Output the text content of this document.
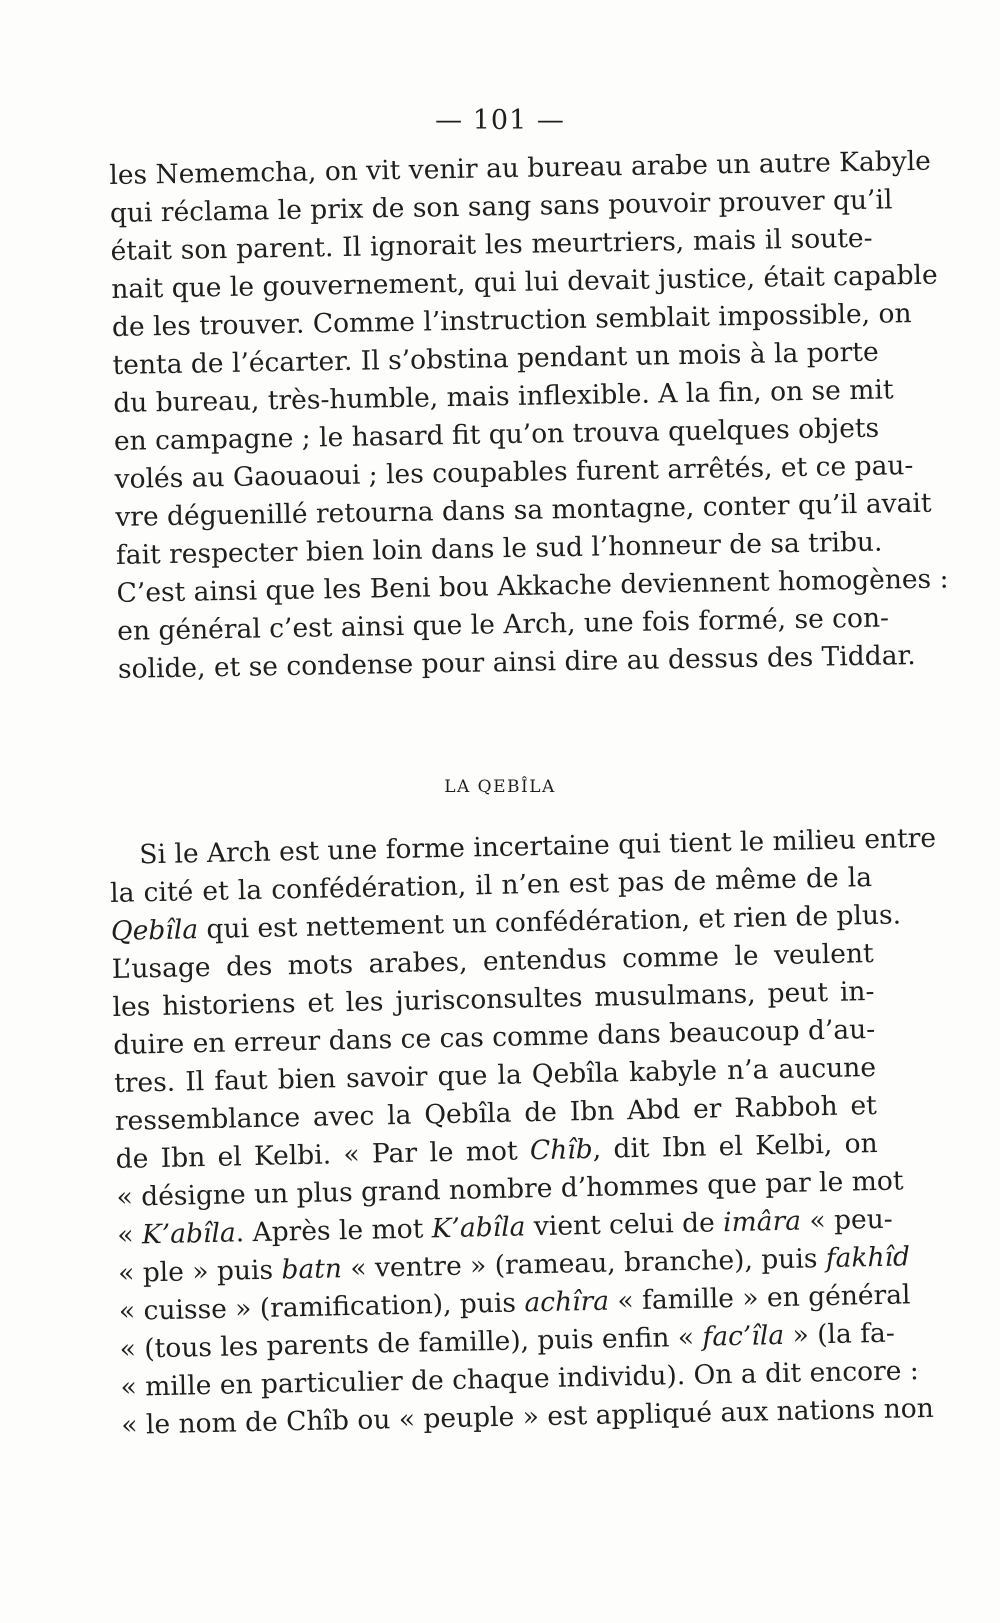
— 101 —
les Nememcha, on vit venir au bureau arabe un autre Kabyle
qui réclama le prix de son sang sans pouvoir prouver qu’il
était son parent. Il ignorait les meurtriers, mais il soute-
nait que le gouvernement, qui lui devait justice, était capable
de les trouver. Comme l’instruction semblait impossible, on
tenta de l’écarter. Il s’obstina pendant un mois à la porte
du bureau, très-humble, mais inflexible. A la fin, on se mit
en campagne ; le hasard fit qu’on trouva quelques objets
volés au Gaouaoui ; les coupables furent arrêtés, et ce pau-
vre déguenillé retourna dans sa montagne, conter qu’il avait
fait respecter bien loin dans le sud l’honneur de sa tribu.
C’est ainsi que les Beni bou Akkache deviennent homogènes :
en général c’est ainsi que le Arch, une fois formé, se con-
solide, et se condense pour ainsi dire au dessus des Tiddar.
LA QEBÎLA
Si le Arch est une forme incertaine qui tient le milieu entre
la cité et la confédération, il n’en est pas de même de la
Qebîla qui est nettement un confédération, et rien de plus.
L’usage des mots arabes, entendus comme le veulent
les historiens et les jurisconsultes musulmans, peut in-
duire en erreur dans ce cas comme dans beaucoup d’au-
tres. Il faut bien savoir que la Qebîla kabyle n’a aucune
ressemblance avec la Qebîla de Ibn Abd er Rabboh et
de Ibn el Kelbi. « Par le mot Chîb, dit Ibn el Kelbi, on
« désigne un plus grand nombre d’hommes que par le mot
« K’abîla. Après le mot K’abîla vient celui de imâra « peu-
« ple » puis batn « ventre » (rameau, branche), puis fakhîd
« cuisse » (ramification), puis achîra « famille » en général
« (tous les parents de famille), puis enfin « fac’îla » (la fa-
« mille en particulier de chaque individu). On a dit encore :
« le nom de Chîb ou « peuple » est appliqué aux nations non
